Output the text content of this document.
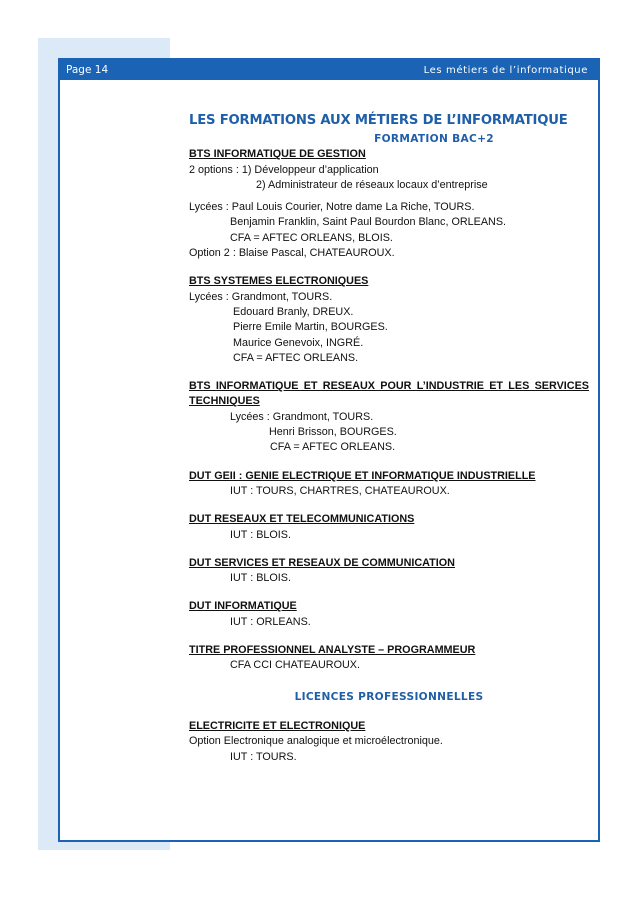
Page 14	Les métiers de l’informatique
LES FORMATIONS AUX MÉTIERS DE L’INFORMATIQUE

FORMATION BAC+2

BTS INFORMATIQUE DE GESTION

2 options : 1) Développeur d’application

2) Administrateur de réseaux locaux d’entreprise

Lycées : Paul Louis Courier, Notre dame La Riche, TOURS.

Benjamin Franklin, Saint Paul Bourdon Blanc, ORLEANS.

CFA = AFTEC ORLEANS, BLOIS.

Option 2 : Blaise Pascal, CHATEAUROUX.

BTS SYSTEMES ELECTRONIQUES

Lycées : Grandmont, TOURS.

Edouard Branly, DREUX.

Pierre Emile Martin, BOURGES.

Maurice Genevoix, INGRÉ.

CFA = AFTEC ORLEANS.

BTS INFORMATIQUE ET RESEAUX POUR L’INDUSTRIE ET LES SERVICES TECHNIQUES

Lycées : Grandmont, TOURS.

Henri Brisson, BOURGES.

CFA = AFTEC ORLEANS.

DUT GEII : GENIE ELECTRIQUE ET INFORMATIQUE INDUSTRIELLE

IUT : TOURS, CHARTRES, CHATEAUROUX.

DUT RESEAUX ET TELECOMMUNICATIONS

IUT : BLOIS.

DUT SERVICES ET RESEAUX DE COMMUNICATION

IUT : BLOIS.

DUT INFORMATIQUE

IUT : ORLEANS.

TITRE PROFESSIONNEL ANALYSTE – PROGRAMMEUR

CFA CCI CHATEAUROUX.

LICENCES PROFESSIONNELLES

ELECTRICITE ET ELECTRONIQUE

Option Electronique analogique et microélectronique.

IUT : TOURS.
